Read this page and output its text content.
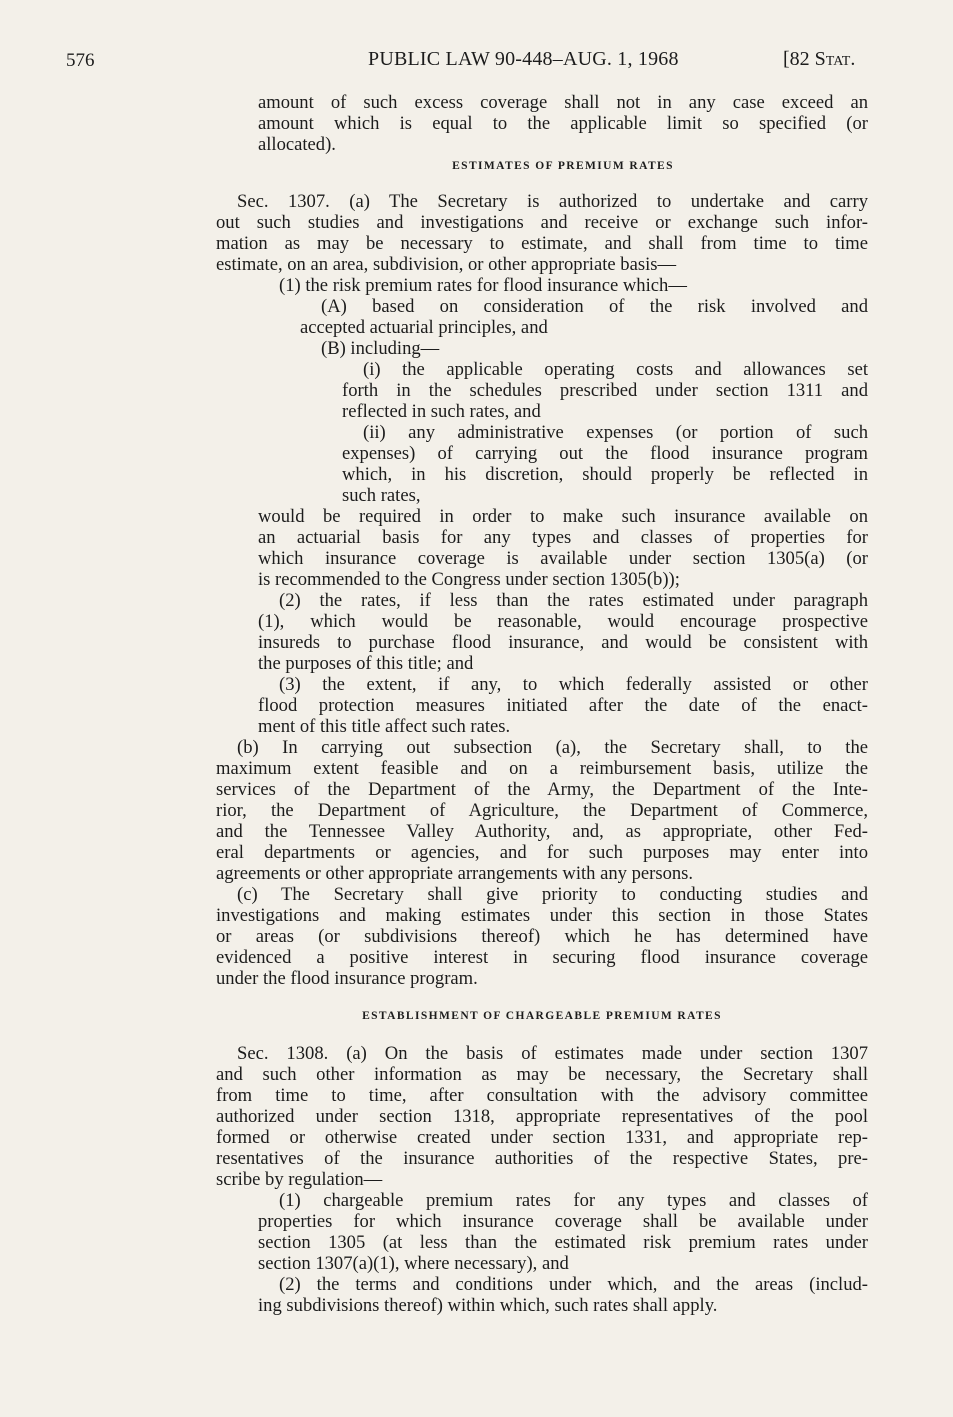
576	PUBLIC LAW 90-448–AUG. 1, 1968	[82 Stat.

amount of such excess coverage shall not in any case exceed an

amount which is equal to the applicable limit so specified (or

allocated).

ESTIMATES OF PREMIUM RATES

Sec. 1307. (a) The Secretary is authorized to undertake and carry

out such studies and investigations and receive or exchange such infor-

mation as may be necessary to estimate, and shall from time to time

estimate, on an area, subdivision, or other appropriate basis—

(1) the risk premium rates for flood insurance which—

(A) based on consideration of the risk involved and

accepted actuarial principles, and

(B) including—

(i) the applicable operating costs and allowances set

forth in the schedules prescribed under section 1311 and

reflected in such rates, and

(ii) any administrative expenses (or portion of such

expenses) of carrying out the flood insurance program

which, in his discretion, should properly be reflected in

such rates,

would be required in order to make such insurance available on

an actuarial basis for any types and classes of properties for

which insurance coverage is available under section 1305(a) (or

is recommended to the Congress under section 1305(b));

(2) the rates, if less than the rates estimated under paragraph

(1), which would be reasonable, would encourage prospective

insureds to purchase flood insurance, and would be consistent with

the purposes of this title; and

(3) the extent, if any, to which federally assisted or other

flood protection measures initiated after the date of the enact-

ment of this title affect such rates.

(b) In carrying out subsection (a), the Secretary shall, to the

maximum extent feasible and on a reimbursement basis, utilize the

services of the Department of the Army, the Department of the Inte-

rior, the Department of Agriculture, the Department of Commerce,

and the Tennessee Valley Authority, and, as appropriate, other Fed-

eral departments or agencies, and for such purposes may enter into

agreements or other appropriate arrangements with any persons.

(c) The Secretary shall give priority to conducting studies and

investigations and making estimates under this section in those States

or areas (or subdivisions thereof) which he has determined have

evidenced a positive interest in securing flood insurance coverage

under the flood insurance program.

ESTABLISHMENT OF CHARGEABLE PREMIUM RATES

Sec. 1308. (a) On the basis of estimates made under section 1307

and such other information as may be necessary, the Secretary shall

from time to time, after consultation with the advisory committee

authorized under section 1318, appropriate representatives of the pool

formed or otherwise created under section 1331, and appropriate rep-

resentatives of the insurance authorities of the respective States, pre-

scribe by regulation—

(1) chargeable premium rates for any types and classes of

properties for which insurance coverage shall be available under

section 1305 (at less than the estimated risk premium rates under

section 1307(a)(1), where necessary), and

(2) the terms and conditions under which, and the areas (includ-

ing subdivisions thereof) within which, such rates shall apply.
